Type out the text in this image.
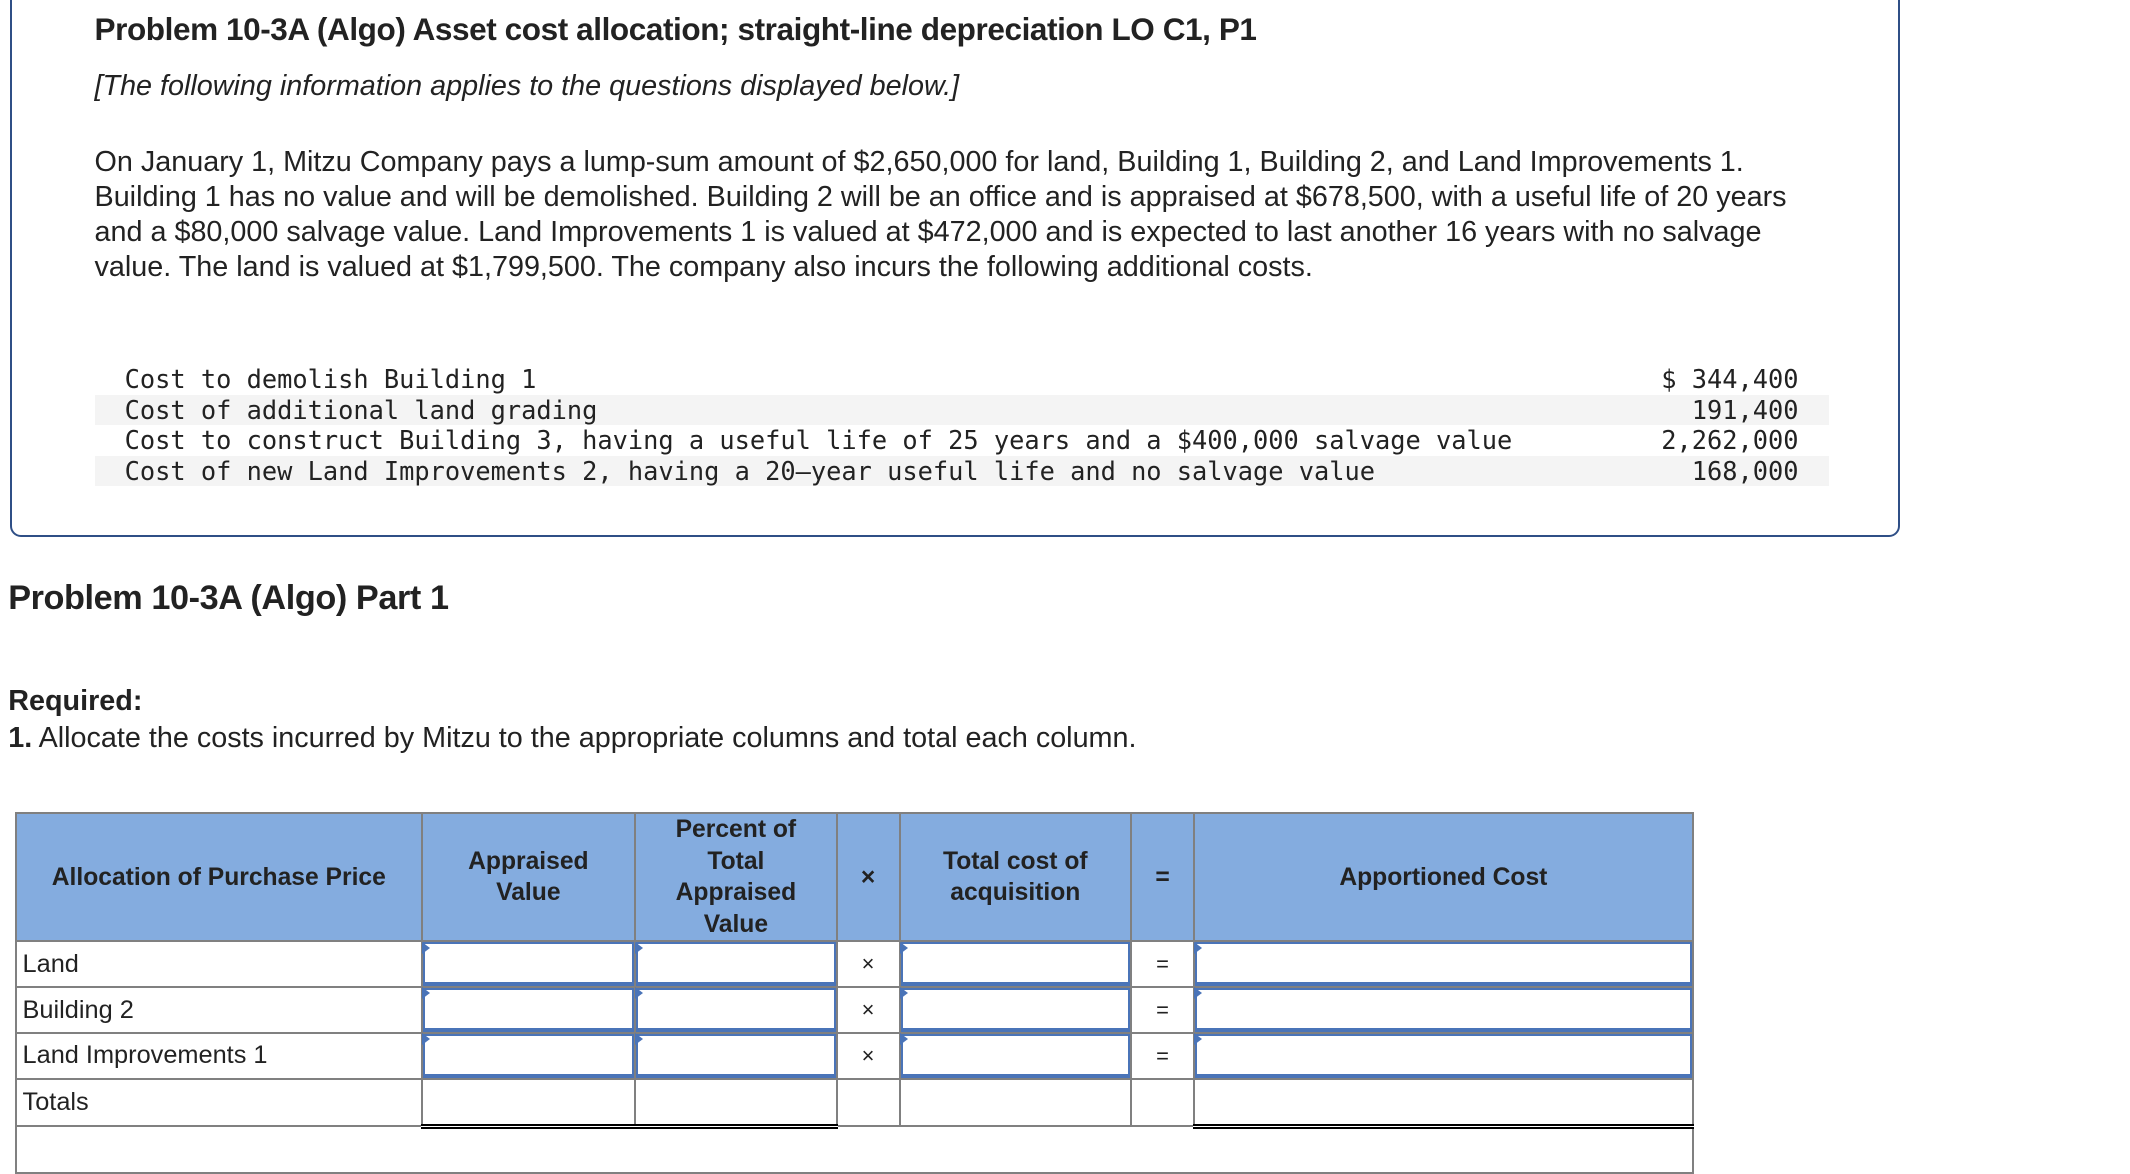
Problem 10-3A (Algo) Asset cost allocation; straight-line depreciation LO C1, P1
[The following information applies to the questions displayed below.]
On January 1, Mitzu Company pays a lump-sum amount of $2,650,000 for land, Building 1, Building 2, and Land Improvements 1. Building 1 has no value and will be demolished. Building 2 will be an office and is appraised at $678,500, with a useful life of 20 years and a $80,000 salvage value. Land Improvements 1 is valued at $472,000 and is expected to last another 16 years with no salvage value. The land is valued at $1,799,500. The company also incurs the following additional costs.
Cost to demolish Building 1	$ 344,400
Cost of additional land grading	191,400
Cost to construct Building 3, having a useful life of 25 years and a $400,000 salvage value	2,262,000
Cost of new Land Improvements 2, having a 20–year useful life and no salvage value	168,000
Problem 10-3A (Algo) Part 1
Required:
1. Allocate the costs incurred by Mitzu to the appropriate columns and total each column.
Allocation of Purchase Price	Appraised Value	Percent of Total Appraised Value	×	Total cost of acquisition	=	Apportioned Cost
Land			×		=	

Building 2			×		=	

Land Improvements 1			×		=	

Totals						
